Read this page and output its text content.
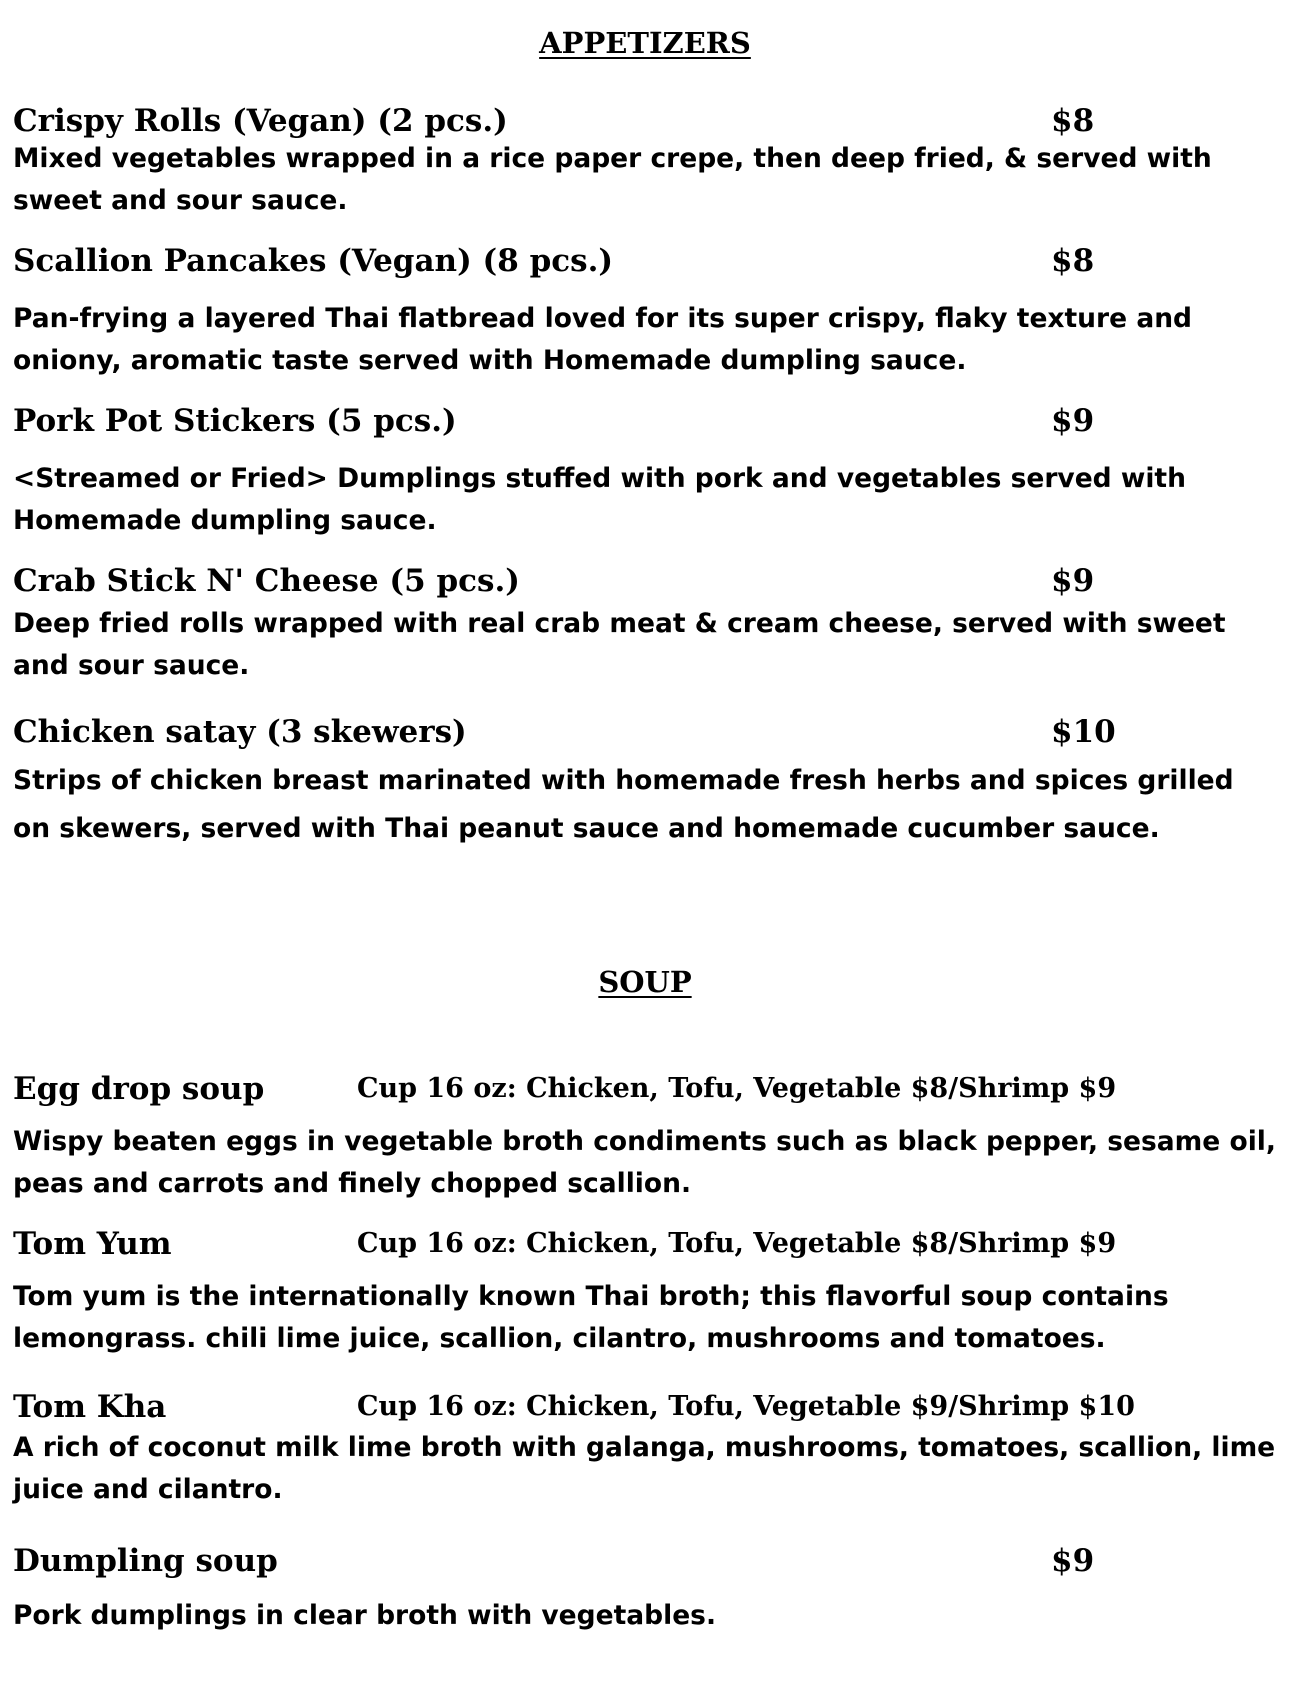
APPETIZERS
Crispy Rolls (Vegan) (2 pcs.)	$8

Mixed vegetables wrapped in a rice paper crepe, then deep fried, & served with sweet and sour sauce.

Scallion Pancakes (Vegan) (8 pcs.)	$8

Pan-frying a layered Thai flatbread loved for its super crispy, flaky texture and oniony, aromatic taste served with Homemade dumpling sauce.

Pork Pot Stickers (5 pcs.)	$9

<Streamed or Fried> Dumplings stuffed with pork and vegetables served with Homemade dumpling sauce.

Crab Stick N' Cheese (5 pcs.)	$9

Deep fried rolls wrapped with real crab meat & cream cheese, served with sweet and sour sauce.

Chicken satay (3 skewers)	$10

Strips of chicken breast marinated with homemade fresh herbs and spices grilled on skewers, served with Thai peanut sauce and homemade cucumber sauce.

SOUP
Egg drop soup	Cup 16 oz: Chicken, Tofu, Vegetable $8/Shrimp $9

Wispy beaten eggs in vegetable broth condiments such as black pepper, sesame oil, peas and carrots and finely chopped scallion.

Tom Yum	Cup 16 oz: Chicken, Tofu, Vegetable $8/Shrimp $9

Tom yum is the internationally known Thai broth; this flavorful soup contains lemongrass. chili lime juice, scallion, cilantro, mushrooms and tomatoes.

Tom Kha	Cup 16 oz: Chicken, Tofu, Vegetable $9/Shrimp $10

A rich of coconut milk lime broth with galanga, mushrooms, tomatoes, scallion, lime juice and cilantro.

Dumpling soup	$9

Pork dumplings in clear broth with vegetables.
